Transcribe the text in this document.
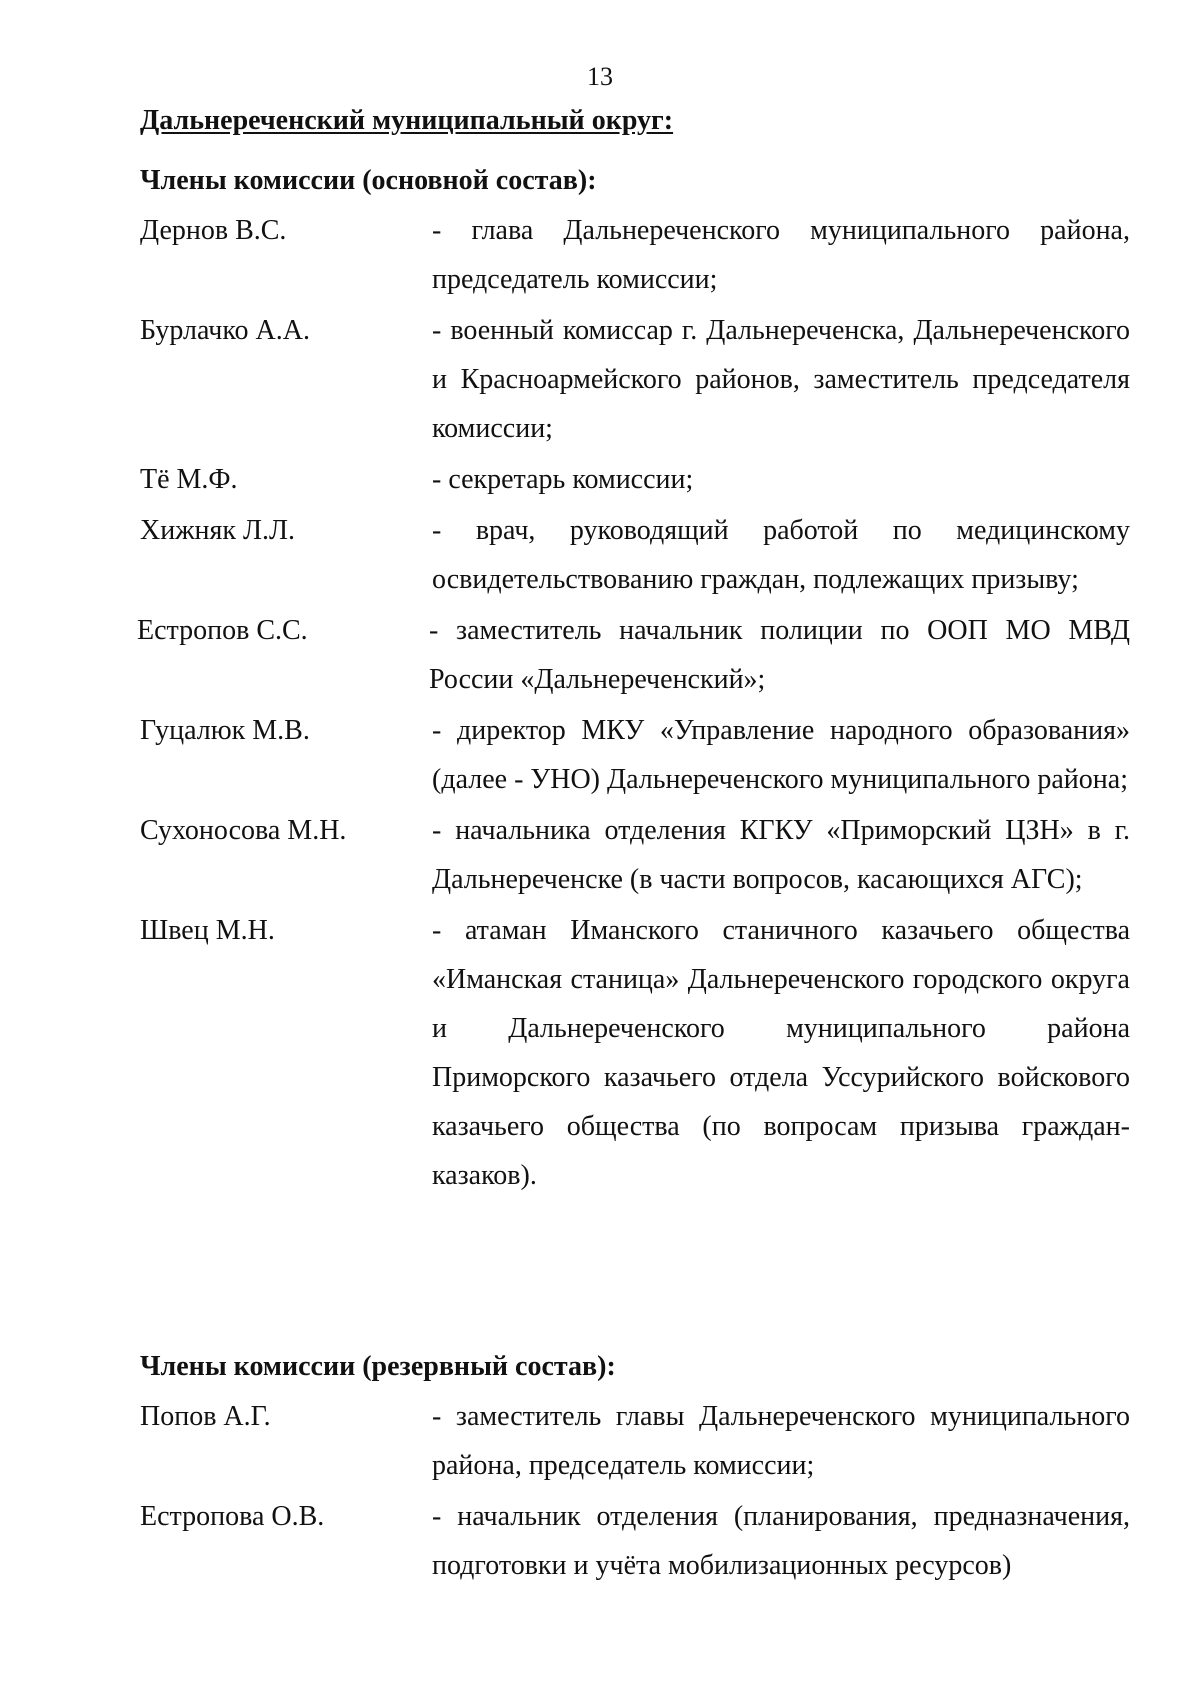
13
Дальнереченский муниципальный округ:
Члены комиссии (основной состав):
Дернов В.С.	- глава Дальнереченского муниципального района, председатель комиссии;
Бурлачко А.А.	- военный комиссар г. Дальнереченска, Дальнереченского и Красноармейского районов, заместитель председателя комиссии;
Тё М.Ф.	- секретарь комиссии;
Хижняк Л.Л.	- врач, руководящий работой по медицинскому освидетельствованию граждан, подлежащих призыву;
Естропов С.С.	- заместитель начальник полиции по ООП МО МВД России «Дальнереченский»;
Гуцалюк М.В.	- директор МКУ «Управление народного образования» (далее - УНО) Дальнереченского муниципального района;
Сухоносова М.Н.	- начальника отделения КГКУ «Приморский ЦЗН» в г. Дальнереченске (в части вопросов, касающихся АГС);
Швец М.Н.	- атаман Иманского станичного казачьего общества «Иманская станица» Дальнереченского городского округа и Дальнереченского муниципального района Приморского казачьего отдела Уссурийского войскового казачьего общества (по вопросам призыва граждан-казаков).
Члены комиссии (резервный состав):
Попов А.Г.	- заместитель главы Дальнереченского муниципального района, председатель комиссии;
Естропова О.В.	- начальник отделения (планирования, предназначения, подготовки и учёта мобилизационных ресурсов)
